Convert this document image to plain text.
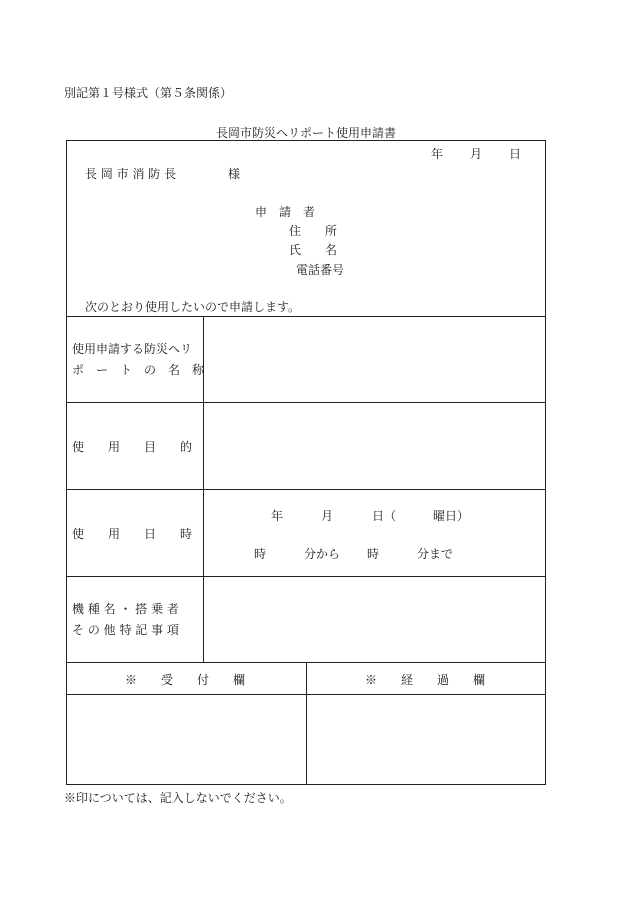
別記第１号様式（第５条関係）
長岡市防災ヘリポート使用申請書
年 月 日
長 岡 市 消 防 長	様
申　請　者
住　　所
氏　　名
電話番号
次のとおり使用したいので申請します。
使用申請する防災ヘリ
ポ　ー　ト　の　名　称
使　　用　　目　　的
使　　用　　日　　時
年	月	日（	曜日）
時	分から 時	分まで
機 種 名 ・ 搭 乗 者
そ の 他 特 記 事 項
※　　受　　付　　欄	※　　経　　過　　欄
※印については、記入しないでください。
